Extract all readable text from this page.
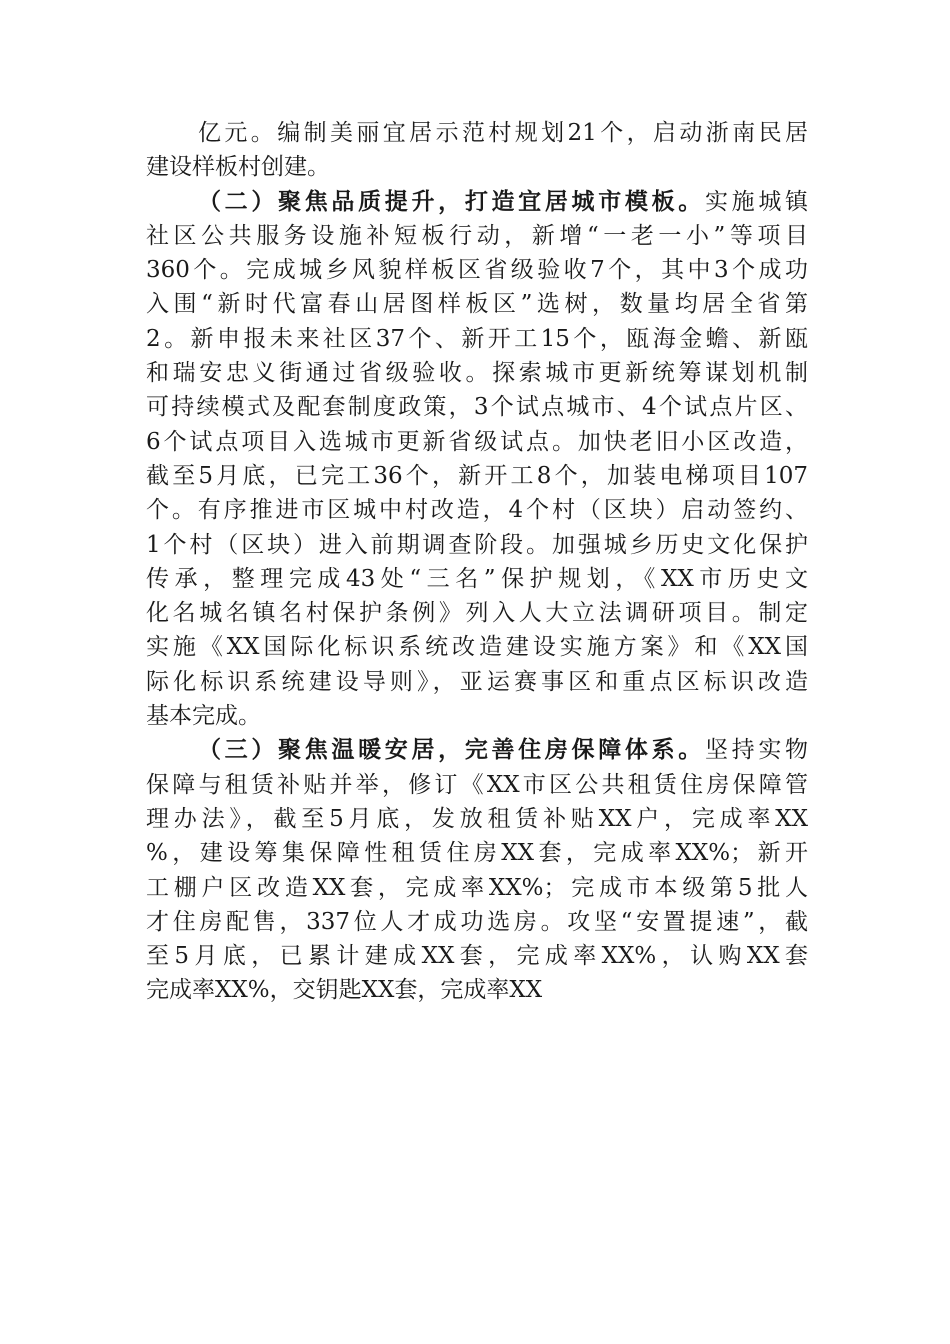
亿元。编制美丽宜居示范村规划21个，启动浙南民居
建设样板村创建。
（二）聚焦品质提升，打造宜居城市模板。实施城镇
社区公共服务设施补短板行动，新增“一老一小”等项目
360个。完成城乡风貌样板区省级验收7个，其中3个成功
入围“新时代富春山居图样板区”选树，数量均居全省第
2。新申报未来社区37个、新开工15个，瓯海金蟾、新瓯
和瑞安忠义街通过省级验收。探索城市更新统筹谋划机制
可持续模式及配套制度政策，3个试点城市、4个试点片区、
6个试点项目入选城市更新省级试点。加快老旧小区改造，
截至5月底，已完工36个，新开工8个，加装电梯项目107
个。有序推进市区城中村改造，4个村（区块）启动签约、
1个村（区块）进入前期调查阶段。加强城乡历史文化保护
传承，整理完成43处“三名”保护规划，《XX市历史文
化名城名镇名村保护条例》列入人大立法调研项目。制定
实施《XX国际化标识系统改造建设实施方案》和《XX国
际化标识系统建设导则》，亚运赛事区和重点区标识改造
基本完成。
（三）聚焦温暖安居，完善住房保障体系。坚持实物
保障与租赁补贴并举，修订《XX市区公共租赁住房保障管
理办法》，截至5月底，发放租赁补贴XX户，完成率XX
%，建设筹集保障性租赁住房XX套，完成率XX%；新开
工棚户区改造XX套，完成率XX%；完成市本级第5批人
才住房配售，337位人才成功选房。攻坚“安置提速”，截
至5月底，已累计建成XX套，完成率XX%，认购XX套
完成率XX%，交钥匙XX套，完成率XX
